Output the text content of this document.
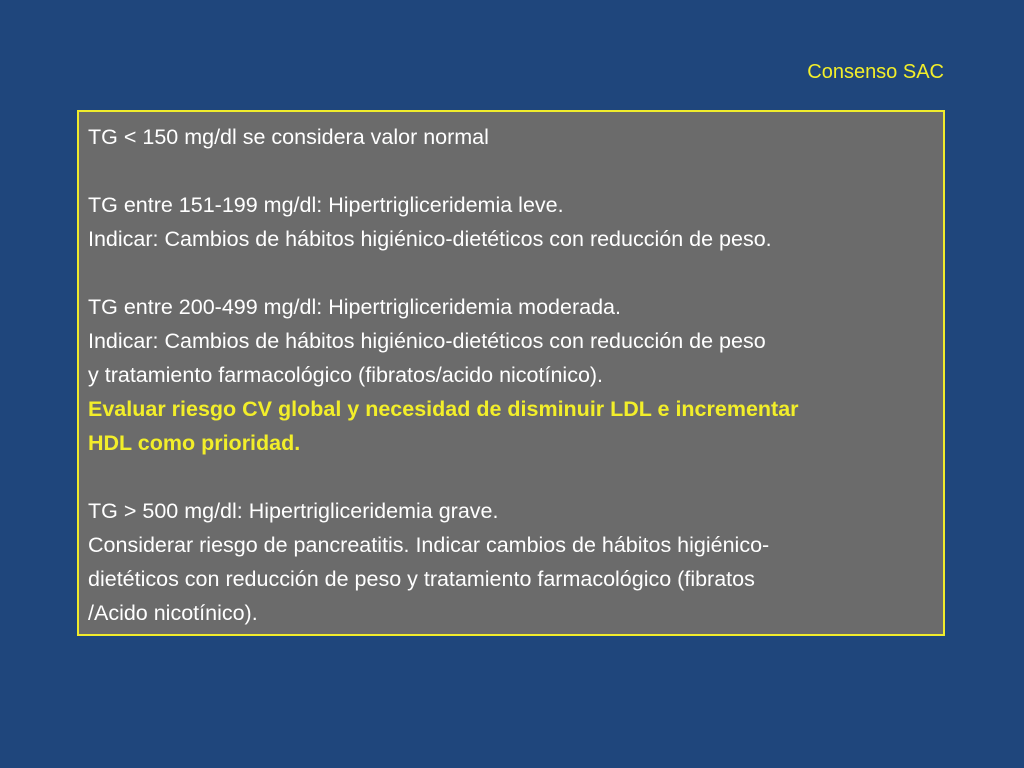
Consenso SAC

TG < 150 mg/dl se considera valor normal

TG entre 151-199 mg/dl: Hipertrigliceridemia leve.

Indicar: Cambios de hábitos higiénico-dietéticos con reducción de peso.

TG entre 200-499 mg/dl: Hipertrigliceridemia moderada.

Indicar: Cambios de hábitos higiénico-dietéticos con reducción de peso

y tratamiento farmacológico (fibratos/acido nicotínico).

Evaluar riesgo CV global y necesidad de disminuir LDL e incrementar

HDL como prioridad.

TG > 500 mg/dl: Hipertrigliceridemia grave.

Considerar riesgo de pancreatitis. Indicar cambios de hábitos higiénico-

dietéticos con reducción de peso y tratamiento farmacológico (fibratos

/Acido nicotínico).
